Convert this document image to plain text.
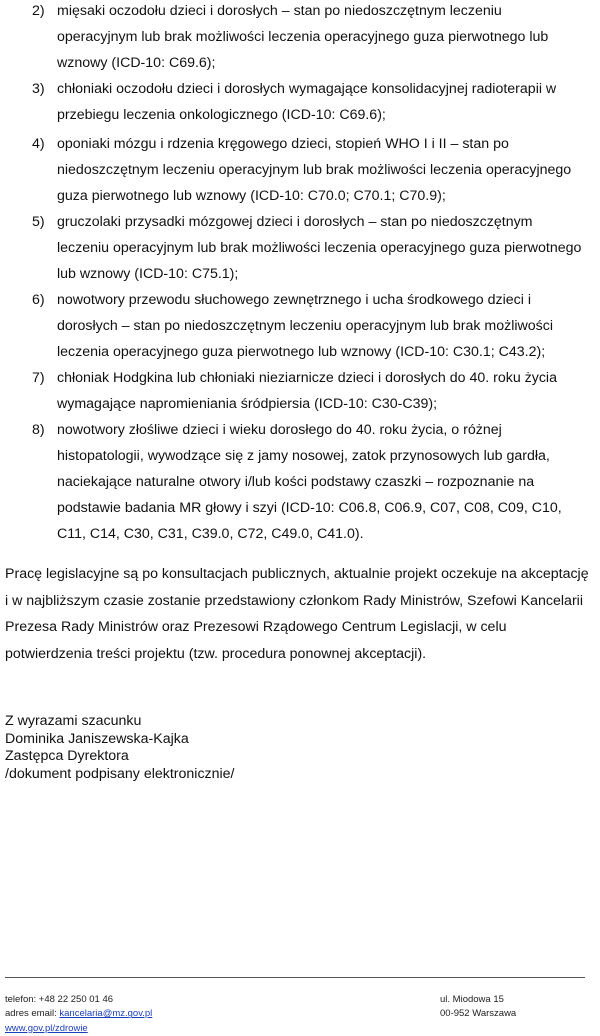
2) mięsaki oczodołu dzieci i dorosłych – stan po niedoszczętnym leczeniu operacyjnym lub brak możliwości leczenia operacyjnego guza pierwotnego lub wznowy (ICD-10: C69.6);
3) chłoniaki oczodołu dzieci i dorosłych wymagające konsolidacyjnej radioterapii w przebiegu leczenia onkologicznego (ICD-10: C69.6);
4) oponiaki mózgu i rdzenia kręgowego dzieci, stopień WHO I i II – stan po niedoszczętnym leczeniu operacyjnym lub brak możliwości leczenia operacyjnego guza pierwotnego lub wznowy (ICD-10: C70.0; C70.1; C70.9);
5) gruczolaki przysadki mózgowej dzieci i dorosłych – stan po niedoszczętnym leczeniu operacyjnym lub brak możliwości leczenia operacyjnego guza pierwotnego lub wznowy (ICD-10: C75.1);
6) nowotwory przewodu słuchowego zewnętrznego i ucha środkowego dzieci i dorosłych – stan po niedoszczętnym leczeniu operacyjnym lub brak możliwości leczenia operacyjnego guza pierwotnego lub wznowy (ICD-10: C30.1; C43.2);
7) chłoniak Hodgkina lub chłoniaki nieziarnicze dzieci i dorosłych do 40. roku życia wymagające napromieniania śródpiersia (ICD-10: C30-C39);
8) nowotwory złośliwe dzieci i wieku dorosłego do 40. roku życia, o różnej histopatologii, wywodzące się z jamy nosowej, zatok przynosowych lub gardła, naciekające naturalne otwory i/lub kości podstawy czaszki – rozpoznanie na podstawie badania MR głowy i szyi (ICD-10: C06.8, C06.9, C07, C08, C09, C10, C11, C14, C30, C31, C39.0, C72, C49.0, C41.0).
Pracę legislacyjne są po konsultacjach publicznych, aktualnie projekt oczekuje na akceptację i w najbliższym czasie zostanie przedstawiony członkom Rady Ministrów, Szefowi Kancelarii Prezesa Rady Ministrów oraz Prezesowi Rządowego Centrum Legislacji, w celu potwierdzenia treści projektu (tzw. procedura ponownej akceptacji).
Z wyrazami szacunku
Dominika Janiszewska-Kajka
Zastępca Dyrektora
/dokument podpisany elektronicznie/
telefon: +48 22 250 01 46
adres email: kancelaria@mz.gov.pl
www.gov.pl/zdrowie
ul. Miodowa 15
00-952 Warszawa
